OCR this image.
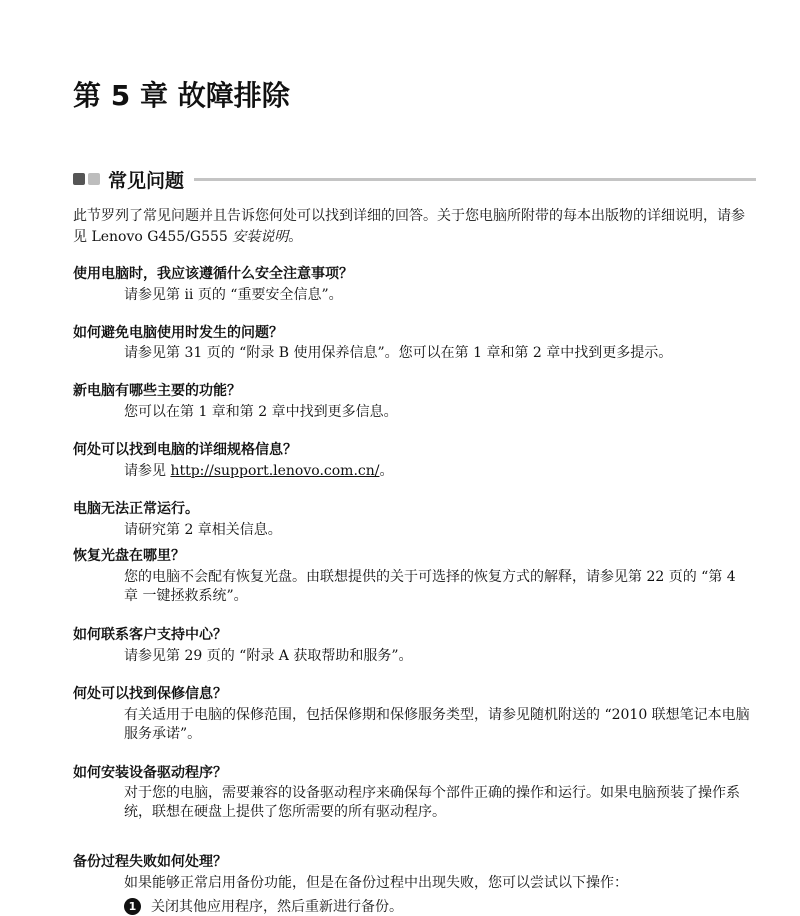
第 5 章 故障排除
常见问题

此节罗列了常见问题并且告诉您何处可以找到详细的回答。关于您电脑所附带的每本出版物的详细说明，请参见 Lenovo G455/G555 安装说明。

使用电脑时，我应该遵循什么安全注意事项？

请参见第 ii 页的 “重要安全信息”。

如何避免电脑使用时发生的问题？

请参见第 31 页的 “附录 B 使用保养信息”。您可以在第 1 章和第 2 章中找到更多提示。

新电脑有哪些主要的功能？

您可以在第 1 章和第 2 章中找到更多信息。

何处可以找到电脑的详细规格信息？

请参见 http://support.lenovo.com.cn/。

电脑无法正常运行。

请研究第 2 章相关信息。

恢复光盘在哪里？

您的电脑不会配有恢复光盘。由联想提供的关于可选择的恢复方式的解释，请参见第 22 页的 “第 4 章 一键拯救系统”。

如何联系客户支持中心？

请参见第 29 页的 “附录 A 获取帮助和服务”。

何处可以找到保修信息？

有关适用于电脑的保修范围，包括保修期和保修服务类型，请参见随机附送的 “2010 联想笔记本电脑服务承诺”。

如何安装设备驱动程序？

对于您的电脑，需要兼容的设备驱动程序来确保每个部件正确的操作和运行。如果电脑预装了操作系统，联想在硬盘上提供了您所需要的所有驱动程序。

备份过程失败如何处理？

如果能够正常启用备份功能，但是在备份过程中出现失败，您可以尝试以下操作：

1	关闭其他应用程序，然后重新进行备份。
